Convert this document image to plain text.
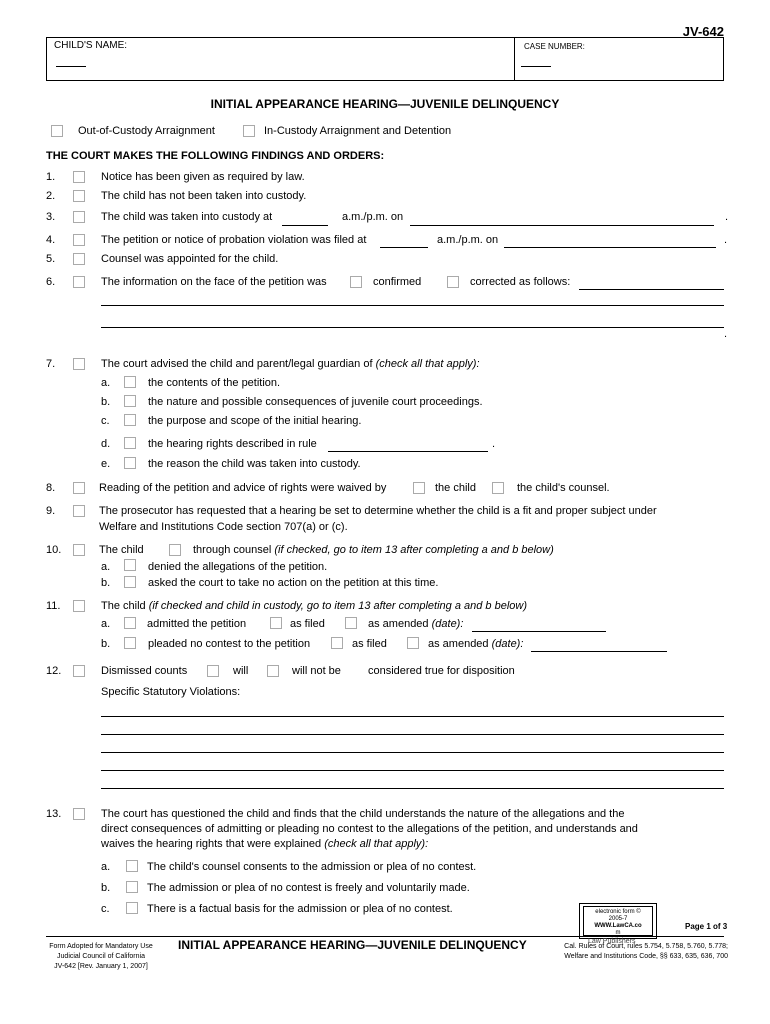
JV-642
CHILD'S NAME:	CASE NUMBER:
INITIAL APPEARANCE HEARING—JUVENILE DELINQUENCY
Out-of-Custody Arraignment	In-Custody Arraignment and Detention
THE COURT MAKES THE FOLLOWING FINDINGS AND ORDERS:
1.	Notice has been given as required by law.
2.	The child has not been taken into custody.
3.	The child was taken into custody at	a.m./p.m. on	.
4.	The petition or notice of probation violation was filed at	a.m./p.m. on	.
5.	Counsel was appointed for the child.
6.	The information on the face of the petition was	confirmed	corrected as follows:
.
7.	The court advised the child and parent/legal guardian of (check all that apply):
a.	the contents of the petition.
b.	the nature and possible consequences of juvenile court proceedings.
c.	the purpose and scope of the initial hearing.
d.	the hearing rights described in rule	.
e.	the reason the child was taken into custody.
8.	Reading of the petition and advice of rights were waived by	the child	the child's counsel.
9.	The prosecutor has requested that a hearing be set to determine whether the child is a fit and proper subject under
Welfare and Institutions Code section 707(a) or (c).
10.	The child	through counsel (if checked, go to item 13 after completing a and b below)
a.	denied the allegations of the petition.
b.	asked the court to take no action on the petition at this time.
11.	The child (if checked and child in custody, go to item 13 after completing a and b below)
a.	admitted the petition	as filed	as amended (date):
b.	pleaded no contest to the petition	as filed	as amended (date):
12.	Dismissed counts	will	will not be considered true for disposition
Specific Statutory Violations:
13.	The court has questioned the child and finds that the child understands the nature of the allegations and the
direct consequences of admitting or pleading no contest to the allegations of the petition, and understands and
waives the hearing rights that were explained (check all that apply):
a.	The child's counsel consents to the admission or plea of no contest.
b.	The admission or plea of no contest is freely and voluntarily made.
c.	There is a factual basis for the admission or plea of no contest.	electronic form ©
2005-7
WWW.LawCA.co
m
Page 1 of 3
Form Adopted for Mandatory Use
Judicial Council of California
JV-642 [Rev. January 1, 2007]
INITIAL APPEARANCE HEARING—JUVENILE DELINQUENCY	Law Publishers
Cal. Rules of Court, rules 5.754, 5.758, 5.760, 5.778;
Welfare and Institutions Code, §§ 633, 635, 636, 700
